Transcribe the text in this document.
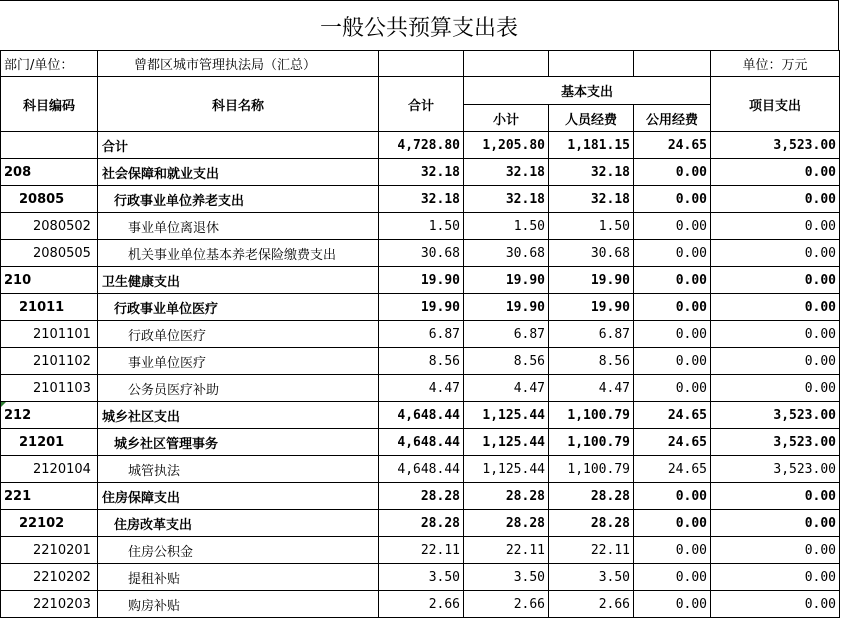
一般公共预算支出表
部门/单位：	曾都区城市管理执法局（汇总）					单位：万元
科目编码	科目名称	合计	基本支出			项目支出
			小计	人员经费	公用经费	
	合计	4,728.80	1,205.80	1,181.15	24.65	3,523.00
208	社会保障和就业支出	32.18	32.18	32.18	0.00	0.00
20805	行政事业单位养老支出	32.18	32.18	32.18	0.00	0.00
2080502	事业单位离退休	1.50	1.50	1.50	0.00	0.00
2080505	机关事业单位基本养老保险缴费支出	30.68	30.68	30.68	0.00	0.00
210	卫生健康支出	19.90	19.90	19.90	0.00	0.00
21011	行政事业单位医疗	19.90	19.90	19.90	0.00	0.00
2101101	行政单位医疗	6.87	6.87	6.87	0.00	0.00
2101102	事业单位医疗	8.56	8.56	8.56	0.00	0.00
2101103	公务员医疗补助	4.47	4.47	4.47	0.00	0.00
212	城乡社区支出	4,648.44	1,125.44	1,100.79	24.65	3,523.00
21201	城乡社区管理事务	4,648.44	1,125.44	1,100.79	24.65	3,523.00
2120104	城管执法	4,648.44	1,125.44	1,100.79	24.65	3,523.00
221	住房保障支出	28.28	28.28	28.28	0.00	0.00
22102	住房改革支出	28.28	28.28	28.28	0.00	0.00
2210201	住房公积金	22.11	22.11	22.11	0.00	0.00
2210202	提租补贴	3.50	3.50	3.50	0.00	0.00
2210203	购房补贴	2.66	2.66	2.66	0.00	0.00
